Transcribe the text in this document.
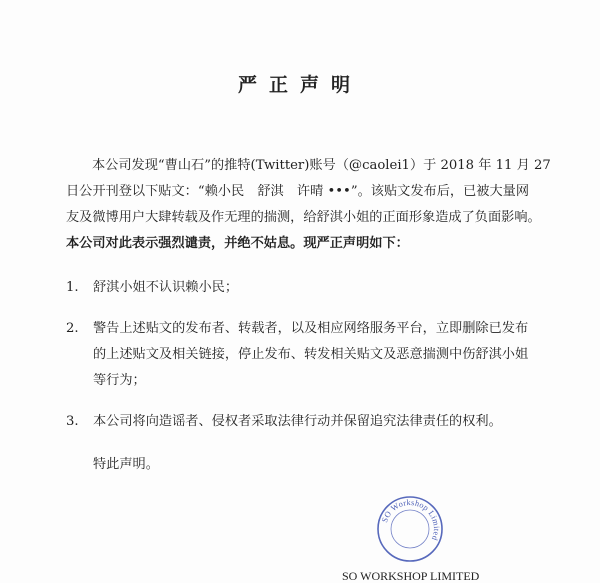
严正声明
本公司发现“曹山石”的推特(Twitter)账号（@caolei1）于 2018 年 11 月 27
日公开刊登以下贴文：“赖小民　舒淇　许晴 •••”。该贴文发布后，已被大量网
友及微博用户大肆转载及作无理的揣测，给舒淇小姐的正面形象造成了负面影响。
本公司对此表示强烈谴责，并绝不姑息。现严正声明如下：
1. 舒淇小姐不认识赖小民；
2. 警告上述贴文的发布者、转载者，以及相应网络服务平台，立即删除已发布
的上述贴文及相关链接，停止发布、转发相关贴文及恶意揣测中伤舒淇小姐
等行为；
3. 本公司将向造谣者、侵权者采取法律行动并保留追究法律责任的权利。
特此声明。
SO Workshop Limited
SO WORKSHOP LIMITED
